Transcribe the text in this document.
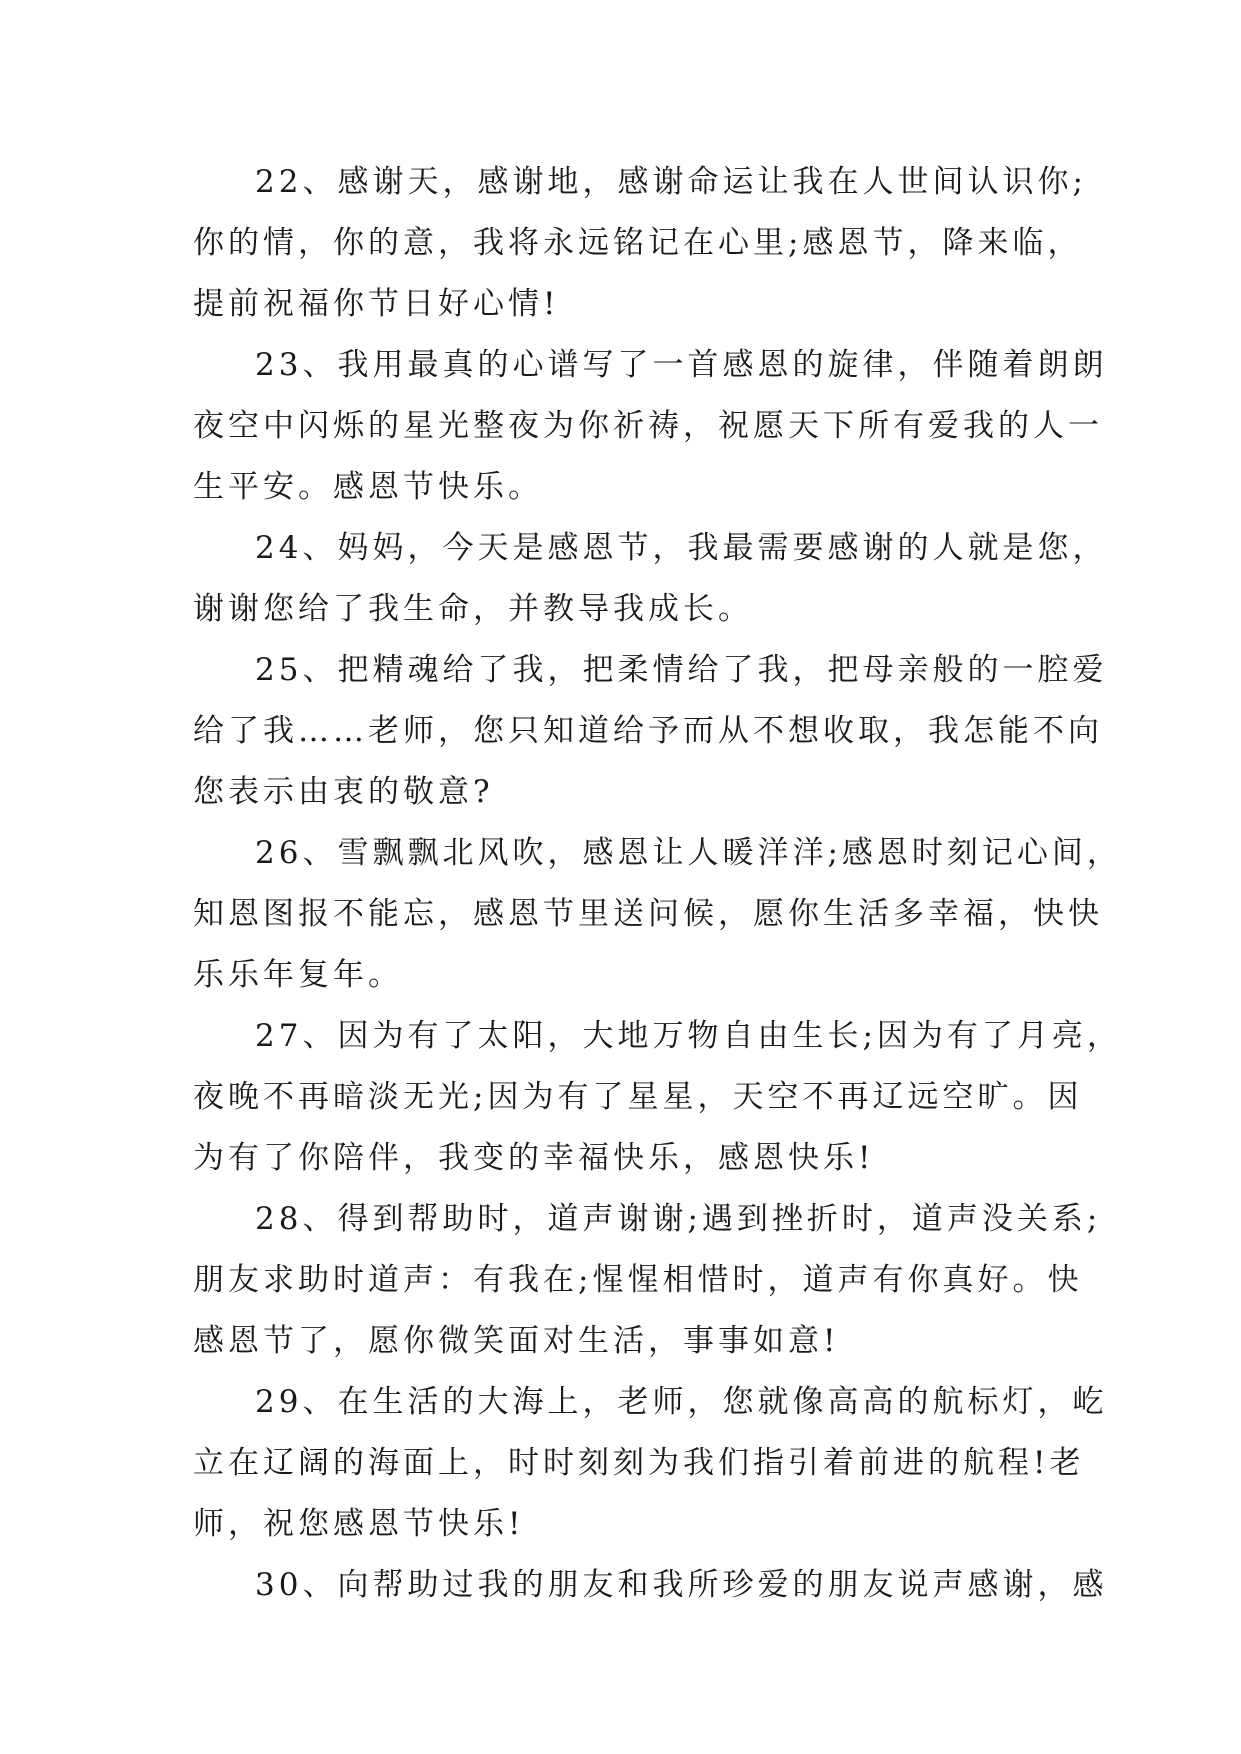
22、感谢天，感谢地，感谢命运让我在人世间认识你;
你的情，你的意，我将永远铭记在心里;感恩节，降来临，
提前祝福你节日好心情!

23、我用最真的心谱写了一首感恩的旋律，伴随着朗朗
夜空中闪烁的星光整夜为你祈祷，祝愿天下所有爱我的人一
生平安。感恩节快乐。

24、妈妈，今天是感恩节，我最需要感谢的人就是您，
谢谢您给了我生命，并教导我成长。

25、把精魂给了我，把柔情给了我，把母亲般的一腔爱
给了我……老师，您只知道给予而从不想收取，我怎能不向
您表示由衷的敬意?

26、雪飘飘北风吹，感恩让人暖洋洋;感恩时刻记心间，
知恩图报不能忘，感恩节里送问候，愿你生活多幸福，快快
乐乐年复年。

27、因为有了太阳，大地万物自由生长;因为有了月亮，
夜晚不再暗淡无光;因为有了星星，天空不再辽远空旷。因
为有了你陪伴，我变的幸福快乐，感恩快乐!

28、得到帮助时，道声谢谢;遇到挫折时，道声没关系;
朋友求助时道声：有我在;惺惺相惜时，道声有你真好。快
感恩节了，愿你微笑面对生活，事事如意!

29、在生活的大海上，老师，您就像高高的航标灯，屹
立在辽阔的海面上，时时刻刻为我们指引着前进的航程!老
师，祝您感恩节快乐!

30、向帮助过我的朋友和我所珍爱的朋友说声感谢，感
